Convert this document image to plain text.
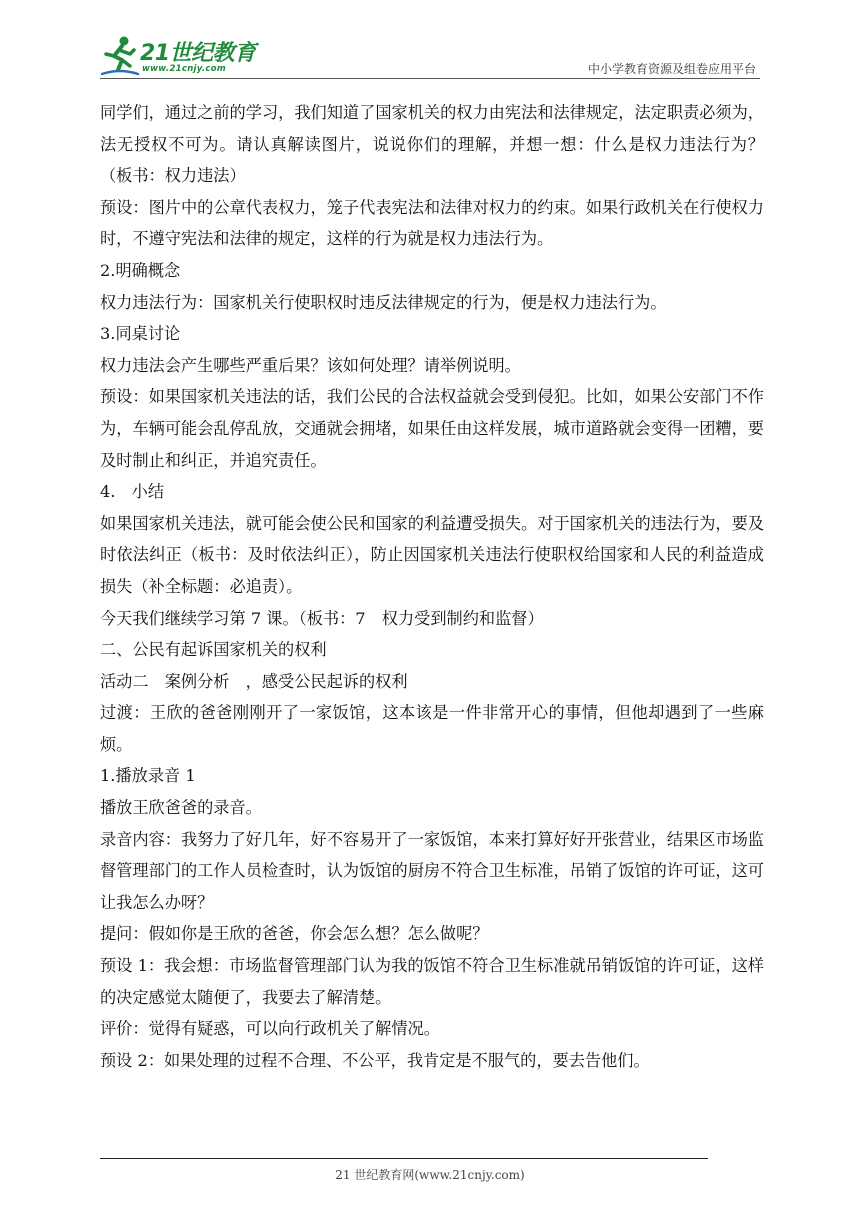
21世纪教育
www.21cnjy.com	中小学教育资源及组卷应用平台

同学们，通过之前的学习，我们知道了国家机关的权力由宪法和法律规定，法定职责必须为，法无授权不可为。请认真解读图片，说说你们的理解，并想一想：什么是权力违法行为？　（板书：权力违法）

预设：图片中的公章代表权力，笼子代表宪法和法律对权力的约束。如果行政机关在行使权力时，不遵守宪法和法律的规定，这样的行为就是权力违法行为。

2.明确概念

权力违法行为：国家机关行使职权时违反法律规定的行为，便是权力违法行为。

3.同桌讨论

权力违法会产生哪些严重后果？该如何处理？请举例说明。

预设：如果国家机关违法的话，我们公民的合法权益就会受到侵犯。比如，如果公安部门不作为，车辆可能会乱停乱放，交通就会拥堵，如果任由这样发展，城市道路就会变得一团糟，要及时制止和纠正，并追究责任。

4.　小结

如果国家机关违法，就可能会使公民和国家的利益遭受损失。对于国家机关的违法行为，要及时依法纠正（板书：及时依法纠正），防止因国家机关违法行使职权给国家和人民的利益造成损失（补全标题：必追责）。

今天我们继续学习第 7 课。（板书：7　权力受到制约和监督）

二、公民有起诉国家机关的权利

活动二　案例分析　，感受公民起诉的权利

过渡：王欣的爸爸刚刚开了一家饭馆，这本该是一件非常开心的事情，但他却遇到了一些麻烦。

1.播放录音 1

播放王欣爸爸的录音。

录音内容：我努力了好几年，好不容易开了一家饭馆，本来打算好好开张营业，结果区市场监督管理部门的工作人员检查时，认为饭馆的厨房不符合卫生标准，吊销了饭馆的许可证，这可让我怎么办呀？

提问：假如你是王欣的爸爸，你会怎么想？怎么做呢？

预设 1：我会想：市场监督管理部门认为我的饭馆不符合卫生标准就吊销饭馆的许可证，这样的决定感觉太随便了，我要去了解清楚。

评价：觉得有疑惑，可以向行政机关了解情况。

预设 2：如果处理的过程不合理、不公平，我肯定是不服气的，要去告他们。

21 世纪教育网(www.21cnjy.com)
